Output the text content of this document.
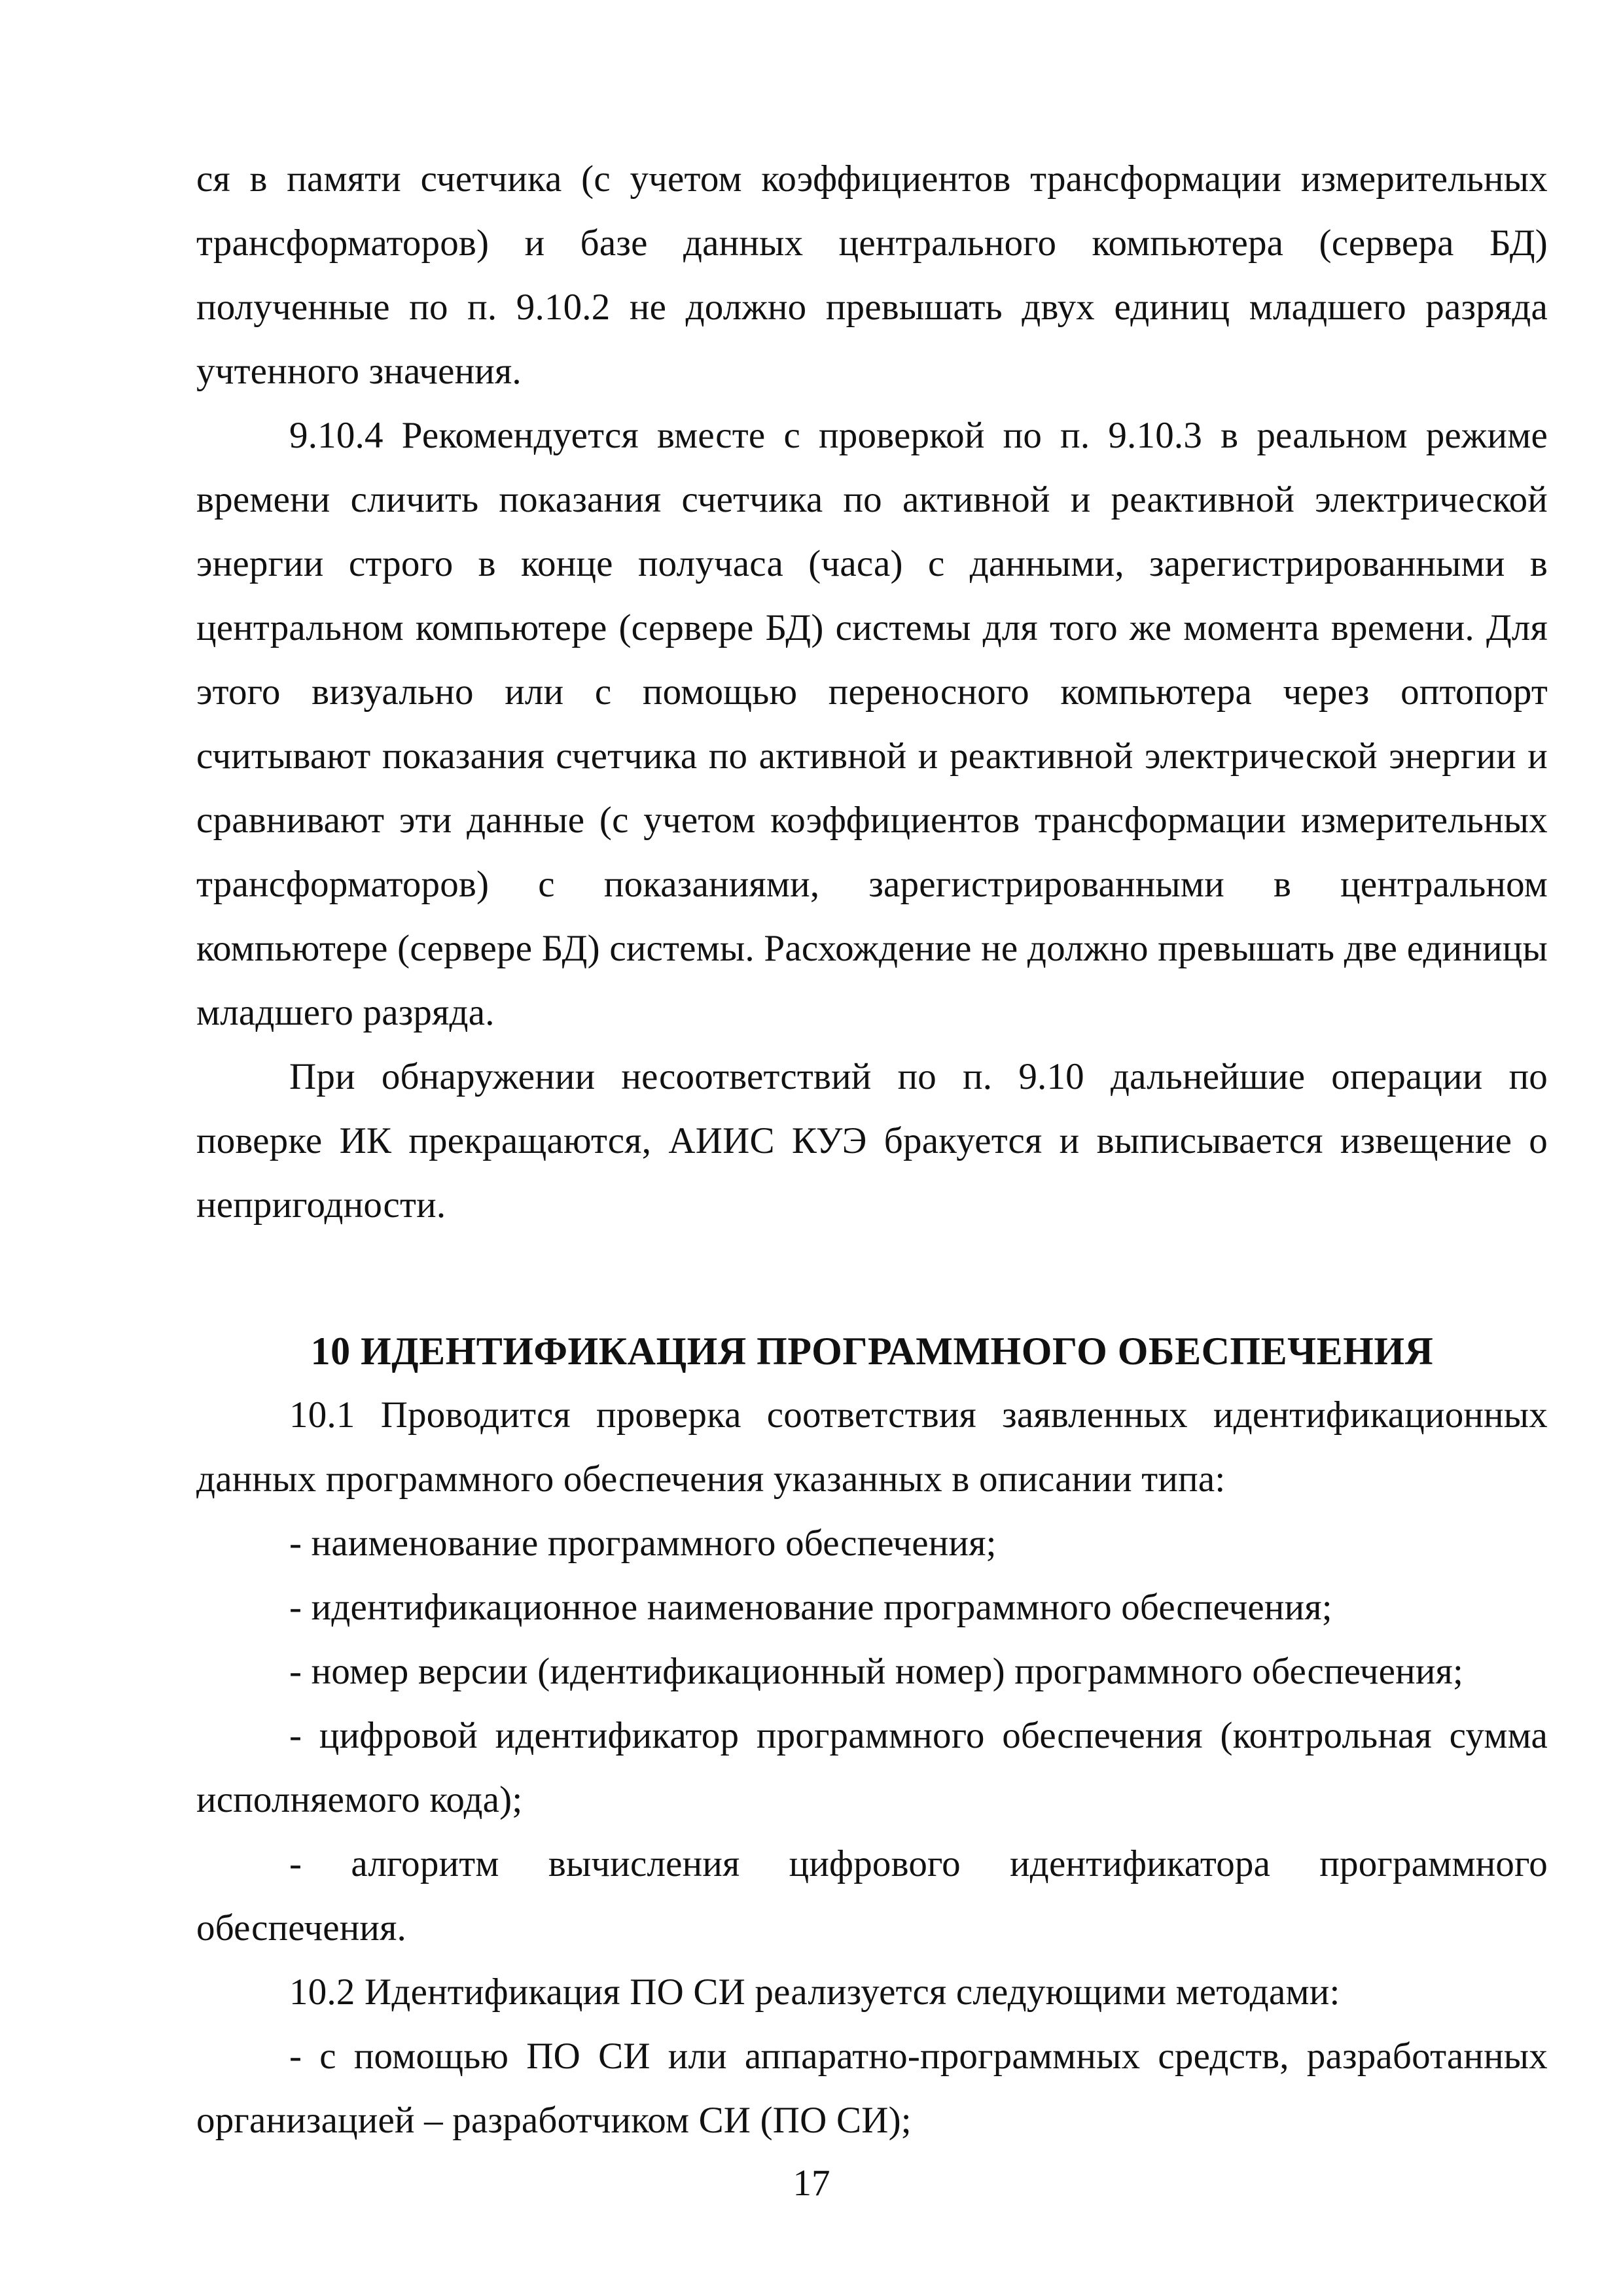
ся в памяти счетчика (с учетом коэффициентов трансформации измерительных трансформаторов) и базе данных центрального компьютера (сервера БД) полученные по п. 9.10.2 не должно превышать двух единиц младшего разряда учтенного значения.

9.10.4 Рекомендуется вместе с проверкой по п. 9.10.3 в реальном режиме времени сличить показания счетчика по активной и реактивной электрической энергии строго в конце получаса (часа) с данными, зарегистрированными в центральном компьютере (сервере БД) системы для того же момента времени. Для этого визуально или с помощью переносного компьютера через оптопорт считывают показания счетчика по активной и реактивной электрической энергии и сравнивают эти данные (с учетом коэффициентов трансформации измерительных трансформаторов) с показаниями, зарегистрированными в центральном компьютере (сервере БД) системы. Расхождение не должно превышать две единицы младшего разряда.

При обнаружении несоответствий по п. 9.10 дальнейшие операции по поверке ИК прекращаются, АИИС КУЭ бракуется и выписывается извещение о непригодности.

10 ИДЕНТИФИКАЦИЯ ПРОГРАММНОГО ОБЕСПЕЧЕНИЯ

10.1 Проводится проверка соответствия заявленных идентификационных данных программного обеспечения указанных в описании типа:

- наименование программного обеспечения;

- идентификационное наименование программного обеспечения;

- номер версии (идентификационный номер) программного обеспечения;

- цифровой идентификатор программного обеспечения (контрольная сумма исполняемого кода);

- алгоритм вычисления цифрового идентификатора программного обеспечения.

10.2 Идентификация ПО СИ реализуется следующими методами:

- с помощью ПО СИ или аппаратно-программных средств, разработанных организацией – разработчиком СИ (ПО СИ);

17
